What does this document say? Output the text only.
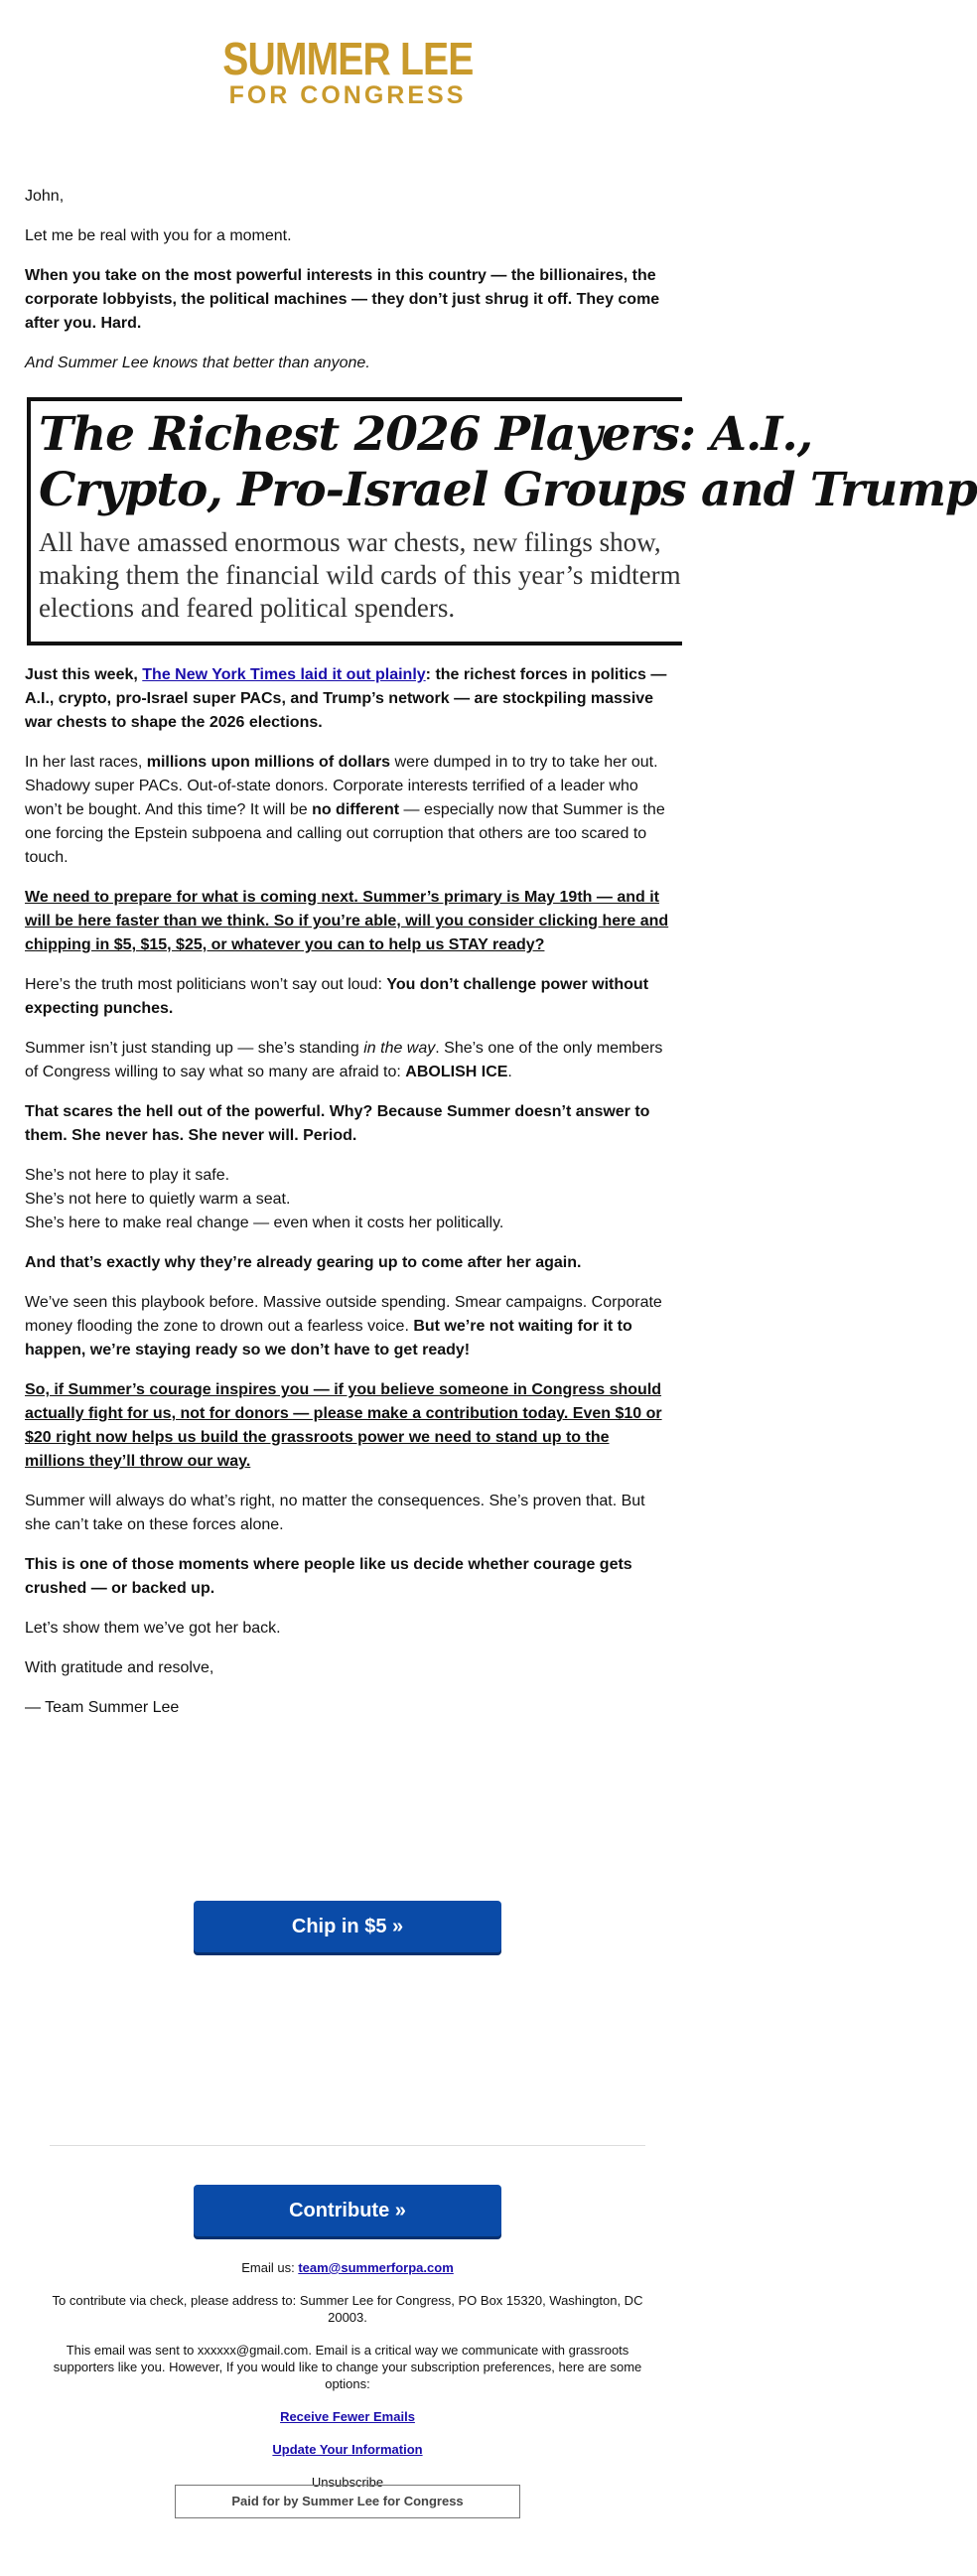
SUMMER LEE
FOR CONGRESS

John,

Let me be real with you for a moment.

When you take on the most powerful interests in this country — the billionaires, the corporate lobbyists, the political machines — they don’t just shrug it off. They come after you. Hard.

And Summer Lee knows that better than anyone.

The Richest 2026 Players: A.I.,
Crypto, Pro-Israel Groups and Trump
All have amassed enormous war chests, new filings show,
making them the financial wild cards of this year’s midterm
elections and feared political spenders.

Just this week, The New York Times laid it out plainly: the richest forces in politics — A.I., crypto, pro-Israel super PACs, and Trump’s network — are stockpiling massive war chests to shape the 2026 elections.

In her last races, millions upon millions of dollars were dumped in to try to take her out. Shadowy super PACs. Out-of-state donors. Corporate interests terrified of a leader who won’t be bought. And this time? It will be no different — especially now that Summer is the one forcing the Epstein subpoena and calling out corruption that others are too scared to touch.

We need to prepare for what is coming next. Summer’s primary is May 19th — and it will be here faster than we think. So if you’re able, will you consider clicking here and chipping in $5, $15, $25, or whatever you can to help us STAY ready?

Here’s the truth most politicians won’t say out loud: You don’t challenge power without expecting punches.

Summer isn’t just standing up — she’s standing in the way. She’s one of the only members of Congress willing to say what so many are afraid to: ABOLISH ICE.

That scares the hell out of the powerful. Why? Because Summer doesn’t answer to them. She never has. She never will. Period.

She’s not here to play it safe.
She’s not here to quietly warm a seat.
She’s here to make real change — even when it costs her politically.

And that’s exactly why they’re already gearing up to come after her again.

We’ve seen this playbook before. Massive outside spending. Smear campaigns. Corporate money flooding the zone to drown out a fearless voice. But we’re not waiting for it to happen, we’re staying ready so we don’t have to get ready!

So, if Summer’s courage inspires you — if you believe someone in Congress should actually fight for us, not for donors — please make a contribution today. Even $10 or $20 right now helps us build the grassroots power we need to stand up to the millions they’ll throw our way.

Summer will always do what’s right, no matter the consequences. She’s proven that. But she can’t take on these forces alone.

This is one of those moments where people like us decide whether courage gets crushed — or backed up.

Let’s show them we’ve got her back.

With gratitude and resolve,

— Team Summer Lee

Chip in $5 »
Contribute »

Email us: team@summerforpa.com

To contribute via check, please address to: Summer Lee for Congress, PO Box 15320, Washington, DC 20003.

This email was sent to xxxxxx@gmail.com. Email is a critical way we communicate with grassroots supporters like you. However, If you would like to change your subscription preferences, here are some options:

Receive Fewer Emails

Update Your Information

Unsubscribe

Paid for by Summer Lee for Congress
